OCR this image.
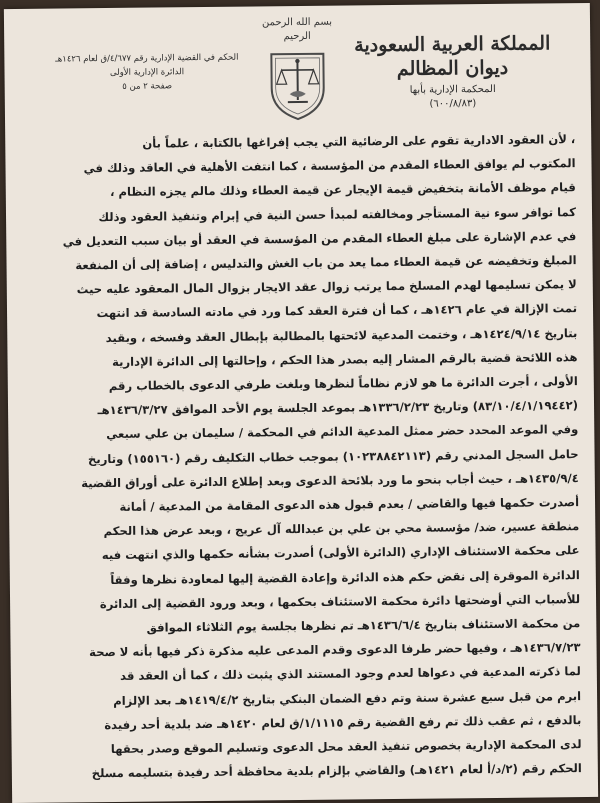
المملكة العربية السعودية
ديوان المظالم
المحكمة الإدارية بأبها
(٦٠٠/٨/٨٣)
بسم الله الرحمن الرحيم
الحكم في القضية الإدارية رقم ٤/٦٧٧/ق لعام ١٤٢٦هـ
الدائرة الإدارية الأولى
صفحة ٢ من ٥
، لأن العقود الادارية تقوم على الرضائية التي يجب إفراغها بالكتابة ، علماً بأن
المكتوب لم يوافق العطاء المقدم من المؤسسة ، كما انتفت الأهلية في العاقد وذلك في
قيام موظف الأمانة بتخفيض قيمة الإيجار عن قيمة العطاء وذلك مالم يجزه النظام ،
كما توافر سوء نية المستأجر ومخالفته لمبدأ حسن النية في إبرام وتنفيذ العقود وذلك
في عدم الإشارة على مبلغ العطاء المقدم من المؤسسة في العقد أو بيان سبب التعديل في
المبلغ وتخفيضه عن قيمة العطاء مما يعد من باب الغش والتدليس ، إضافة إلى أن المنفعة
لا يمكن تسليمها لهدم المسلخ مما يرتب زوال عقد الايجار بزوال المال المعقود عليه حيث
تمت الإزالة في عام ١٤٢٦هـ ، كما أن فترة العقد كما ورد في مادته السادسة قد انتهت
بتاريخ ١٤٢٤/٩/١٤هـ ، وختمت المدعية لائحتها بالمطالبة بإبطال العقد وفسخه ، وبقيد
هذه اللائحة قضية بالرقم المشار إليه بصدر هذا الحكم ، وإحالتها إلى الدائرة الإدارية
الأولى ، أجرت الدائرة ما هو لازم نظاماً لنظرها وبلغت طرفي الدعوى بالخطاب رقم
(٨٣/١٠/٤/١/١٩٤٤٢) وتاريخ ١٣٣٦/٢/٢٣هـ بموعد الجلسة يوم الأحد الموافق ١٤٣٦/٣/٢٧هـ
وفي الموعد المحدد حضر ممثل المدعية الدائم في المحكمة / سليمان بن علي سبعي
حامل السجل المدني رقم (١٠٢٣٨٨٤٢١١٣) بموجب خطاب التكليف رقم (١٥٥١٦٠) وتاريخ
١٤٣٥/٩/٤هـ ، حيث أجاب بنحو ما ورد بلائحة الدعوى وبعد إطلاع الدائرة على أوراق القضية
أصدرت حكمها فيها والقاضي / بعدم قبول هذه الدعوى المقامة من المدعية / أمانة
منطقة عسير، ضد/ مؤسسة محي بن علي بن عبدالله آل عريج ، وبعد عرض هذا الحكم
على محكمة الاستئناف الإداري (الدائرة الأولى) أصدرت بشأنه حكمها والذي انتهت فيه
الدائرة الموقرة إلى نقض حكم هذه الدائرة وإعادة القضية إليها لمعاودة نظرها وفقاً
للأسباب التي أوضحتها دائرة محكمة الاستئناف بحكمها ، وبعد ورود القضية إلى الدائرة
من محكمة الاستئناف بتاريخ ١٤٣٦/٦/٤هـ تم نظرها بجلسة يوم الثلاثاء الموافق
١٤٣٦/٧/٢٣هـ ، وفيها حضر طرفا الدعوى وقدم المدعى عليه مذكرة ذكر فيها بأنه لا صحة
لما ذكرته المدعية في دعواها لعدم وجود المستند الذي يثبت ذلك ، كما أن العقد قد
ابرم من قبل سبع عشرة سنة وتم دفع الضمان البنكي بتاريخ ١٤١٩/٤/٢هـ بعد الإلزام
بالدفع ، ثم عقب ذلك تم رفع القضية رقم ١/١١١٥/ق لعام ١٤٢٠هـ ضد بلدية أحد رفيدة
لدى المحكمة الإدارية بخصوص تنفيذ العقد محل الدعوى وتسليم الموقع وصدر بحقها
الحكم رقم (٢/د/أ لعام ١٤٢١هـ) والقاضي بإلزام بلدية محافظة أحد رفيدة بتسليمه مسلخ
